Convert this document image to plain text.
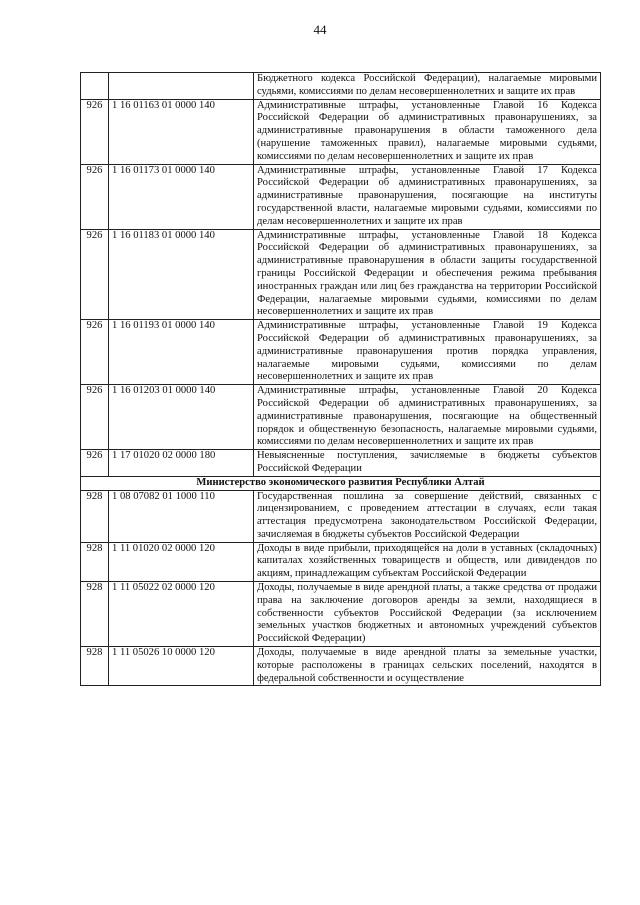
44
		Бюджетного кодекса Российской Федерации), налагаемые мировыми судьями, комиссиями по делам несовершеннолетних и защите их прав
926	1 16 01163 01 0000 140	Административные штрафы, установленные Главой 16 Кодекса Российской Федерации об административных правонарушениях, за административные правонарушения в области таможенного дела (нарушение таможенных правил), налагаемые мировыми судьями, комиссиями по делам несовершеннолетних и защите их прав
926	1 16 01173 01 0000 140	Административные штрафы, установленные Главой 17 Кодекса Российской Федерации об административных правонарушениях, за административные правонарушения, посягающие на институты государственной власти, налагаемые мировыми судьями, комиссиями по делам несовершеннолетних и защите их прав
926	1 16 01183 01 0000 140	Административные штрафы, установленные Главой 18 Кодекса Российской Федерации об административных правонарушениях, за административные правонарушения в области защиты государственной границы Российской Федерации и обеспечения режима пребывания иностранных граждан или лиц без гражданства на территории Российской Федерации, налагаемые мировыми судьями, комиссиями по делам несовершеннолетних и защите их прав
926	1 16 01193 01 0000 140	Административные штрафы, установленные Главой 19 Кодекса Российской Федерации об административных правонарушениях, за административные правонарушения против порядка управления, налагаемые мировыми судьями, комиссиями по делам несовершеннолетних и защите их прав
926	1 16 01203 01 0000 140	Административные штрафы, установленные Главой 20 Кодекса Российской Федерации об административных правонарушениях, за административные правонарушения, посягающие на общественный порядок и общественную безопасность, налагаемые мировыми судьями, комиссиями по делам несовершеннолетних и защите их прав
926	1 17 01020 02 0000 180	Невыясненные поступления, зачисляемые в бюджеты субъектов Российской Федерации
Министерство экономического развития Республики Алтай		
928	1 08 07082 01 1000 110	Государственная пошлина за совершение действий, связанных с лицензированием, с проведением аттестации в случаях, если такая аттестация предусмотрена законодательством Российской Федерации, зачисляемая в бюджеты субъектов Российской Федерации
928	1 11 01020 02 0000 120	Доходы в виде прибыли, приходящейся на доли в уставных (складочных) капиталах хозяйственных товариществ и обществ, или дивидендов по акциям, принадлежащим субъектам Российской Федерации
928	1 11 05022 02 0000 120	Доходы, получаемые в виде арендной платы, а также средства от продажи права на заключение договоров аренды за земли, находящиеся в собственности субъектов Российской Федерации (за исключением земельных участков бюджетных и автономных учреждений субъектов Российской Федерации)
928	1 11 05026 10 0000 120	Доходы, получаемые в виде арендной платы за земельные участки, которые расположены в границах сельских поселений, находятся в федеральной собственности и осуществление
